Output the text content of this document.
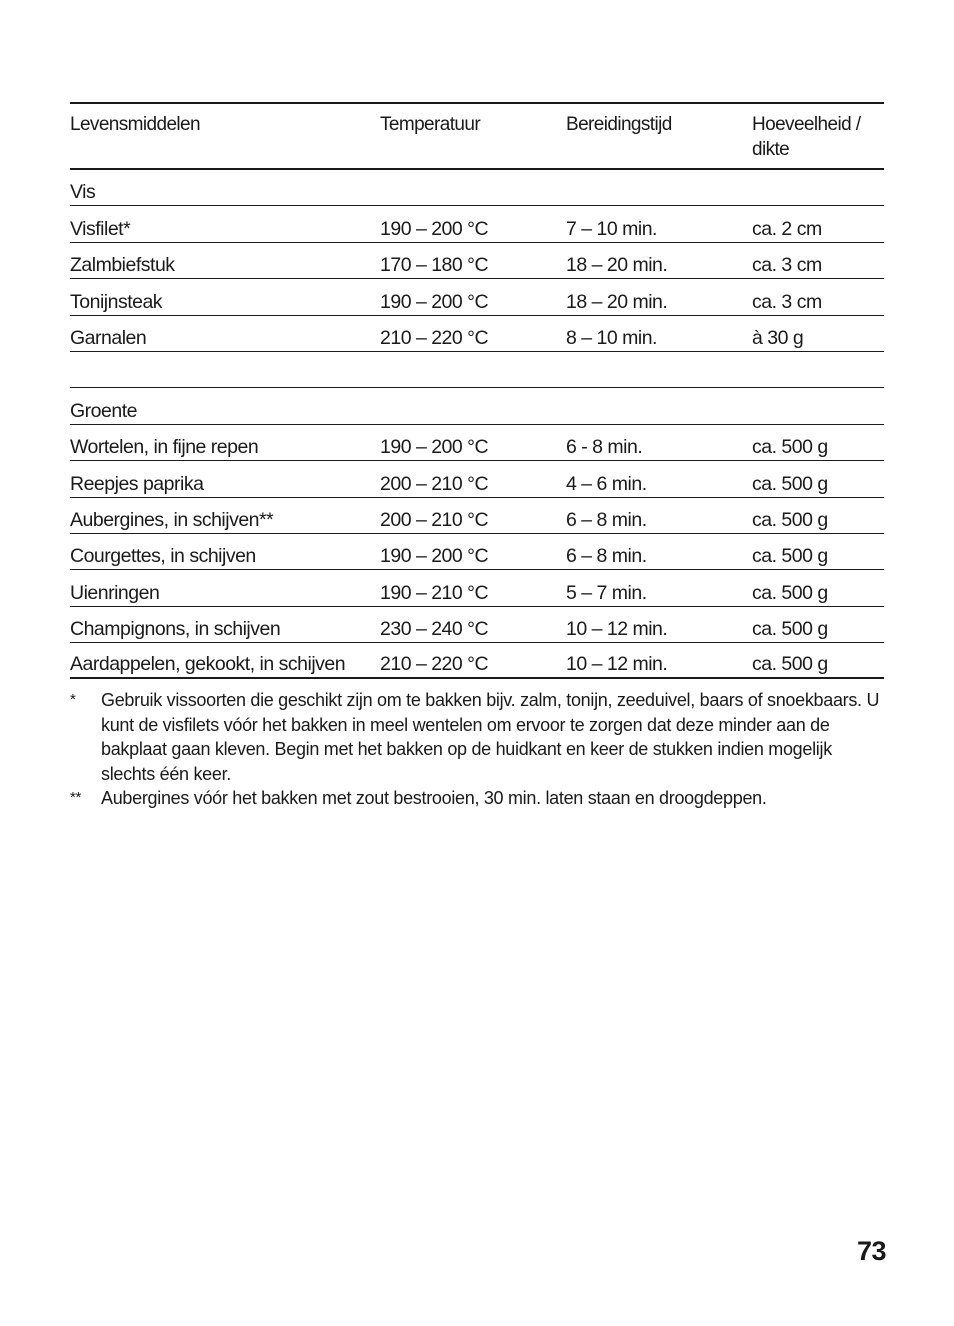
Levensmiddelen	Temperatuur	Bereidingstijd	Hoeveelheid / dikte
Vis
Visfilet*	190 – 200 °C	7 – 10 min.	ca. 2 cm
Zalmbiefstuk	170 – 180 °C	18 – 20 min.	ca. 3 cm
Tonijnsteak	190 – 200 °C	18 – 20 min.	ca. 3 cm
Garnalen	210 – 220 °C	8 – 10 min.	à 30 g
Groente
Wortelen, in fijne repen	190 – 200 °C	6 - 8 min.	ca. 500 g
Reepjes paprika	200 – 210 °C	4 – 6 min.	ca. 500 g
Aubergines, in schijven**	200 – 210 °C	6 – 8 min.	ca. 500 g
Courgettes, in schijven	190 – 200 °C	6 – 8 min.	ca. 500 g
Uienringen	190 – 210 °C	5 – 7 min.	ca. 500 g
Champignons, in schijven	230 – 240 °C	10 – 12 min.	ca. 500 g
Aardappelen, gekookt, in schijven	210 – 220 °C	10 – 12 min.	ca. 500 g
*	Gebruik vissoorten die geschikt zijn om te bakken bijv. zalm, tonijn, zeeduivel, baars of snoekbaars. U kunt de visfilets vóór het bakken in meel wentelen om ervoor te zorgen dat deze minder aan de bakplaat gaan kleven. Begin met het bakken op de huidkant en keer de stukken indien mogelijk slechts één keer.
**	Aubergines vóór het bakken met zout bestrooien, 30 min. laten staan en droogdeppen.
73
